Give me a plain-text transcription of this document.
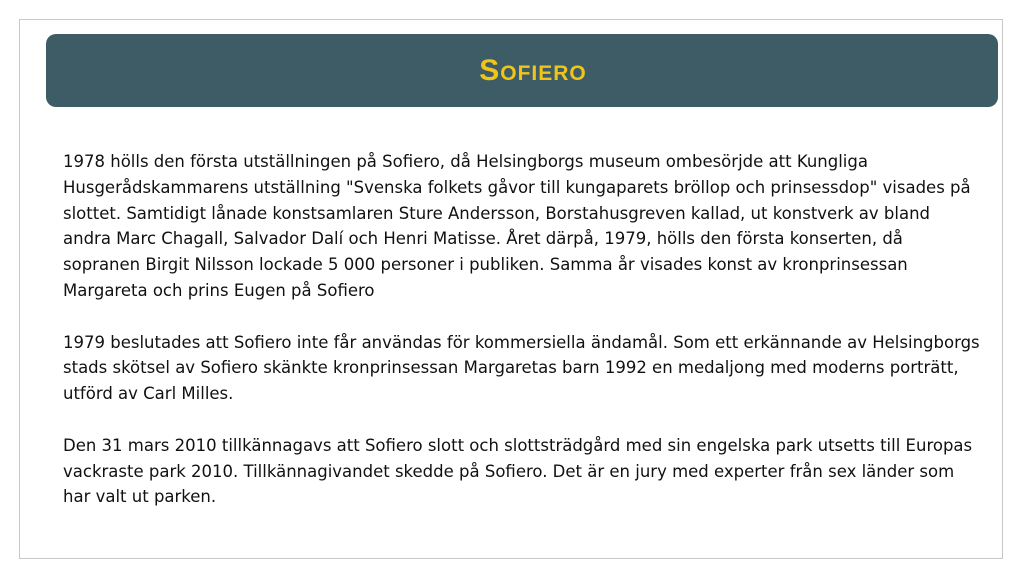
Sofiero

1978 hölls den första utställningen på Sofiero, då Helsingborgs museum ombesörjde att Kungliga Husgerådskammarens utställning "Svenska folkets gåvor till kungaparets bröllop och prinsessdop" visades på slottet. Samtidigt lånade konstsamlaren Sture Andersson, Borstahusgreven kallad, ut konstverk av bland andra Marc Chagall, Salvador Dalí och Henri Matisse. Året därpå, 1979, hölls den första konserten, då sopranen Birgit Nilsson lockade 5 000 personer i publiken. Samma år visades konst av kronprinsessan Margareta och prins Eugen på Sofiero

1979 beslutades att Sofiero inte får användas för kommersiella ändamål. Som ett erkännande av Helsingborgs stads skötsel av Sofiero skänkte kronprinsessan Margaretas barn 1992 en medaljong med moderns porträtt, utförd av Carl Milles.

Den 31 mars 2010 tillkännagavs att Sofiero slott och slottsträdgård med sin engelska park utsetts till Europas vackraste park 2010. Tillkännagivandet skedde på Sofiero. Det är en jury med experter från sex länder som har valt ut parken.
